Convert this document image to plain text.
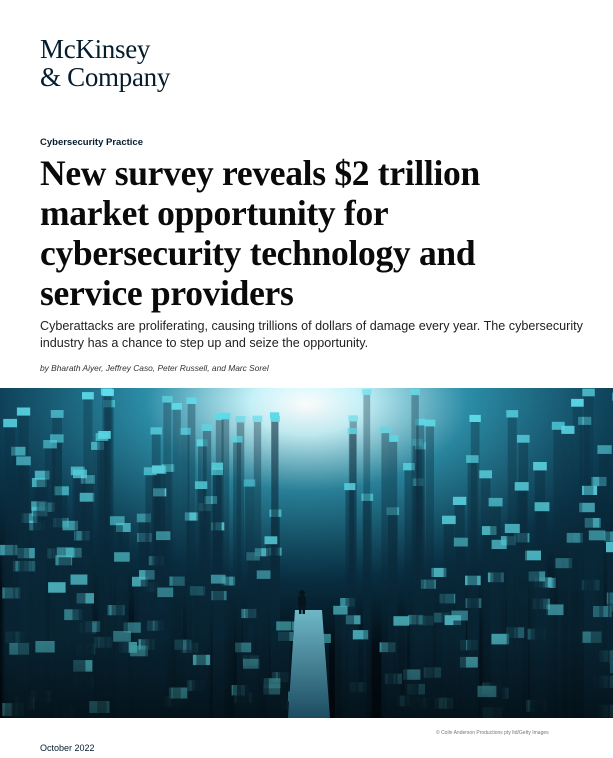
McKinsey
& Company
Cybersecurity Practice
New survey reveals $2 trillion market opportunity for cybersecurity technology and service providers

Cyberattacks are proliferating, causing trillions of dollars of damage every year. The cybersecurity industry has a chance to step up and seize the opportunity.

by Bharath Aiyer, Jeffrey Caso, Peter Russell, and Marc Sorel
© Colin Anderson Productions pty ltd/Getty Images
October 2022
